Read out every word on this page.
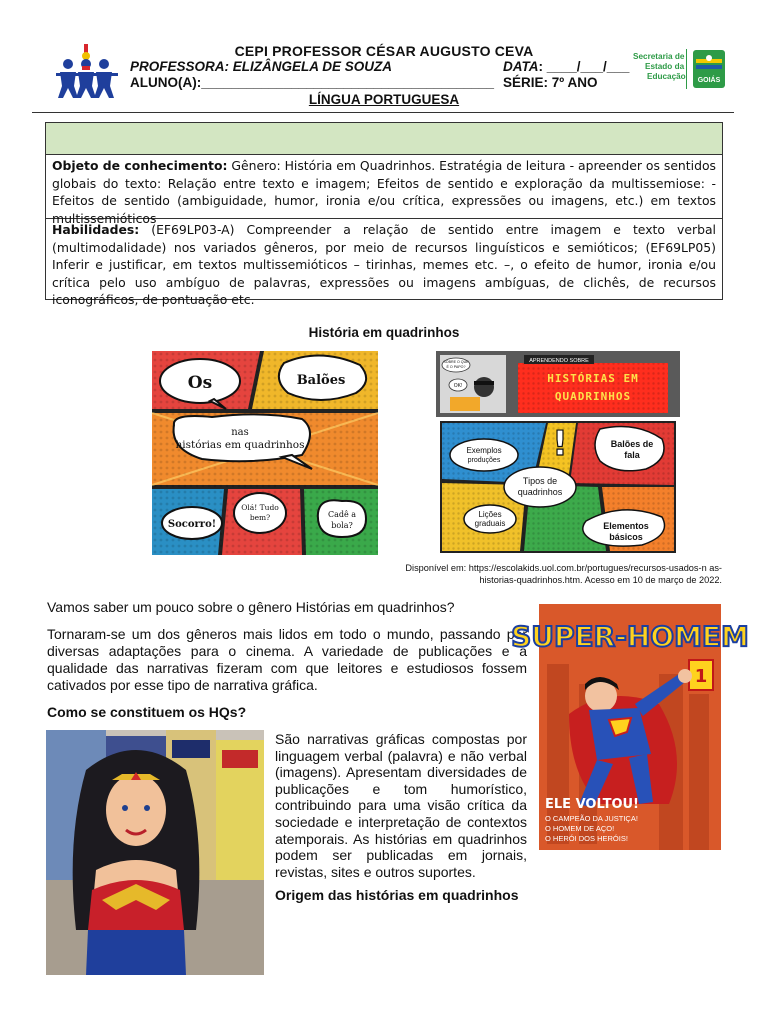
CEPI PROFESSOR CÉSAR AUGUSTO CEVA
PROFESSORA: ELIZÂNGELA DE SOUZA	DATA: ____/___/___
ALUNO(A):_______________________________________ SÉRIE: 7º ANO
LÍNGUA PORTUGUESA
Secretaria de
Estado da
Educação GOIÁS
Objeto de conhecimento: Gênero: História em Quadrinhos. Estratégia de leitura - apreender os sentidos globais do texto: Relação entre texto e imagem; Efeitos de sentido e exploração da multissemiose: - Efeitos de sentido (ambiguidade, humor, ironia e/ou crítica, expressões ou imagens, etc.) em textos multissemióticos
Habilidades: (EF69LP03-A) Compreender a relação de sentido entre imagem e texto verbal (multimodalidade) nos variados gêneros, por meio de recursos linguísticos e semióticos; (EF69LP05) Inferir e justificar, em textos multissemióticos – tirinhas, memes etc. –, o efeito de humor, ironia e/ou crítica pelo uso ambíguo de palavras, expressões ou imagens ambíguas, de clichês, de recursos iconográficos, de pontuação etc.
História em quadrinhos
Os	Balões
nas
histórias em quadrinhos
Socorro!
Olá! Tudo
bem?	Cadê a
bola?
HISTÓRIAS EM
QUADRINHOS
APRENDENDO SOBRE
SOBRE O QUE
É O PAPO?
OK!
Exemplos
produções !	Balões de
fala
Tipos de
quadrinhos
Lições
graduais	Elementos
básicos
Disponível em: https://escolakids.uol.com.br/portugues/recursos-usados-n as-historias-quadrinhos.htm. Acesso em 10 de março de 2022.
Vamos saber um pouco sobre o gênero Histórias em quadrinhos?
Tornaram-se um dos gêneros mais lidos em todo o mundo, passando por diversas adaptações para o cinema. A variedade de publicações e a qualidade das narrativas fizeram com que leitores e estudiosos fossem cativados por esse tipo de narrativa gráfica.
Como se constituem os HQs?
São narrativas gráficas compostas por linguagem verbal (palavra) e não verbal (imagens). Apresentam diversidades de publicações e tom humorístico, contribuindo para uma visão crítica da sociedade e interpretação de contextos atemporais. As histórias em quadrinhos podem ser publicadas em jornais, revistas, sites e outros suportes.
Origem das histórias em quadrinhos
SUPER-HOMEM
1
ELE VOLTOU!
O CAMPEÃO DA JUSTIÇA!
O HOMEM DE AÇO!
O HERÓI DOS HERÓIS!
